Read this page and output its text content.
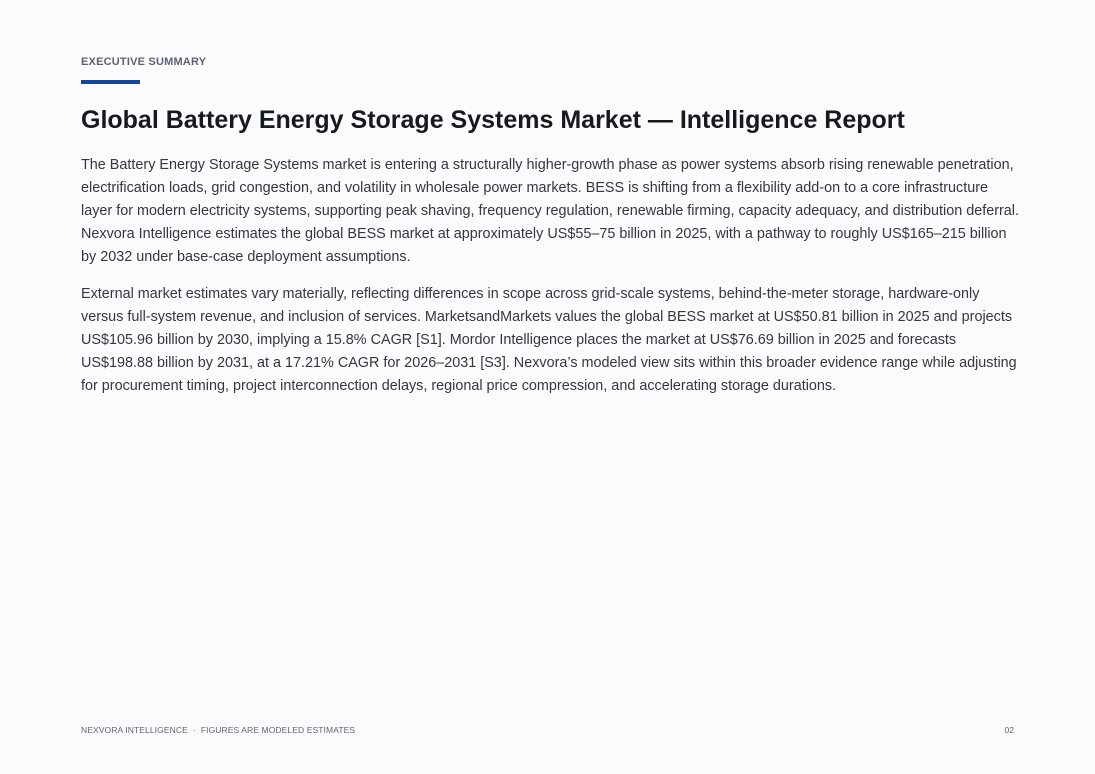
EXECUTIVE SUMMARY
Global Battery Energy Storage Systems Market — Intelligence Report

The Battery Energy Storage Systems market is entering a structurally higher-growth phase as power systems absorb rising renewable penetration, electrification loads, grid congestion, and volatility in wholesale power markets. BESS is shifting from a flexibility add-on to a core infrastructure layer for modern electricity systems, supporting peak shaving, frequency regulation, renewable firming, capacity adequacy, and distribution deferral. Nexvora Intelligence estimates the global BESS market at approximately US$55–75 billion in 2025, with a pathway to roughly US$165–215 billion by 2032 under base-case deployment assumptions.

External market estimates vary materially, reflecting differences in scope across grid-scale systems, behind-the-meter storage, hardware-only versus full-system revenue, and inclusion of services. MarketsandMarkets values the global BESS market at US$50.81 billion in 2025 and projects US$105.96 billion by 2030, implying a 15.8% CAGR [S1]. Mordor Intelligence places the market at US$76.69 billion in 2025 and forecasts US$198.88 billion by 2031, at a 17.21% CAGR for 2026–2031 [S3]. Nexvora’s modeled view sits within this broader evidence range while adjusting for procurement timing, project interconnection delays, regional price compression, and accelerating storage durations.

NEXVORA INTELLIGENCE · FIGURES ARE MODELED ESTIMATES	02
